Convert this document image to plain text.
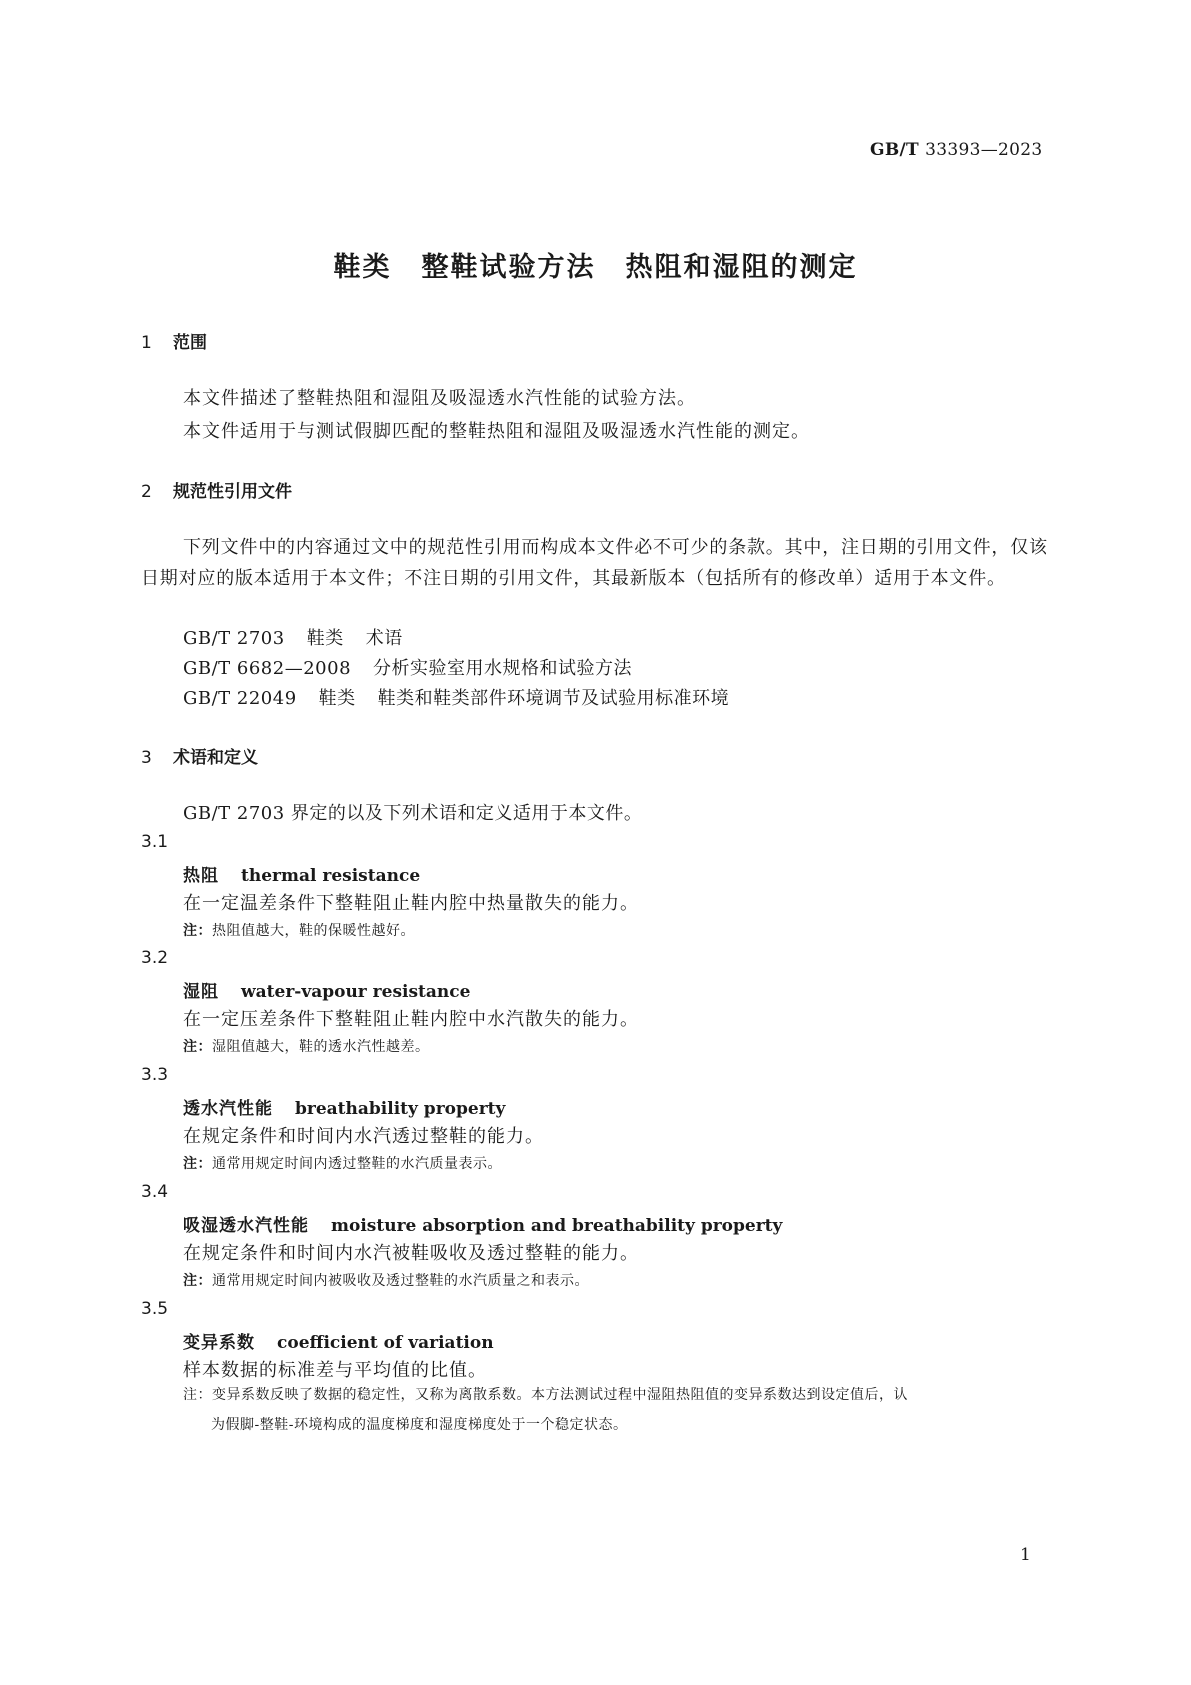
GB/T 33393—2023
鞋类 整鞋试验方法 热阻和湿阻的测定
1 范围
本文件描述了整鞋热阻和湿阻及吸湿透水汽性能的试验方法。
本文件适用于与测试假脚匹配的整鞋热阻和湿阻及吸湿透水汽性能的测定。
2 规范性引用文件
下列文件中的内容通过文中的规范性引用而构成本文件必不可少的条款。其中，注日期的引用文件，仅该日期对应的版本适用于本文件；不注日期的引用文件，其最新版本（包括所有的修改单）适用于本文件。
GB/T 2703 鞋类 术语
GB/T 6682—2008 分析实验室用水规格和试验方法
GB/T 22049 鞋类 鞋类和鞋类部件环境调节及试验用标准环境
3 术语和定义
GB/T 2703 界定的以及下列术语和定义适用于本文件。
3.1
热阻 thermal resistance
在一定温差条件下整鞋阻止鞋内腔中热量散失的能力。
注：热阻值越大，鞋的保暖性越好。
3.2
湿阻 water-vapour resistance
在一定压差条件下整鞋阻止鞋内腔中水汽散失的能力。
注：湿阻值越大，鞋的透水汽性越差。
3.3
透水汽性能 breathability property
在规定条件和时间内水汽透过整鞋的能力。
注：通常用规定时间内透过整鞋的水汽质量表示。
3.4
吸湿透水汽性能 moisture absorption and breathability property
在规定条件和时间内水汽被鞋吸收及透过整鞋的能力。
注：通常用规定时间内被吸收及透过整鞋的水汽质量之和表示。
3.5
变异系数 coefficient of variation
样本数据的标准差与平均值的比值。
注：变异系数反映了数据的稳定性，又称为离散系数。本方法测试过程中湿阻热阻值的变异系数达到设定值后，认
为假脚-整鞋-环境构成的温度梯度和湿度梯度处于一个稳定状态。
1
